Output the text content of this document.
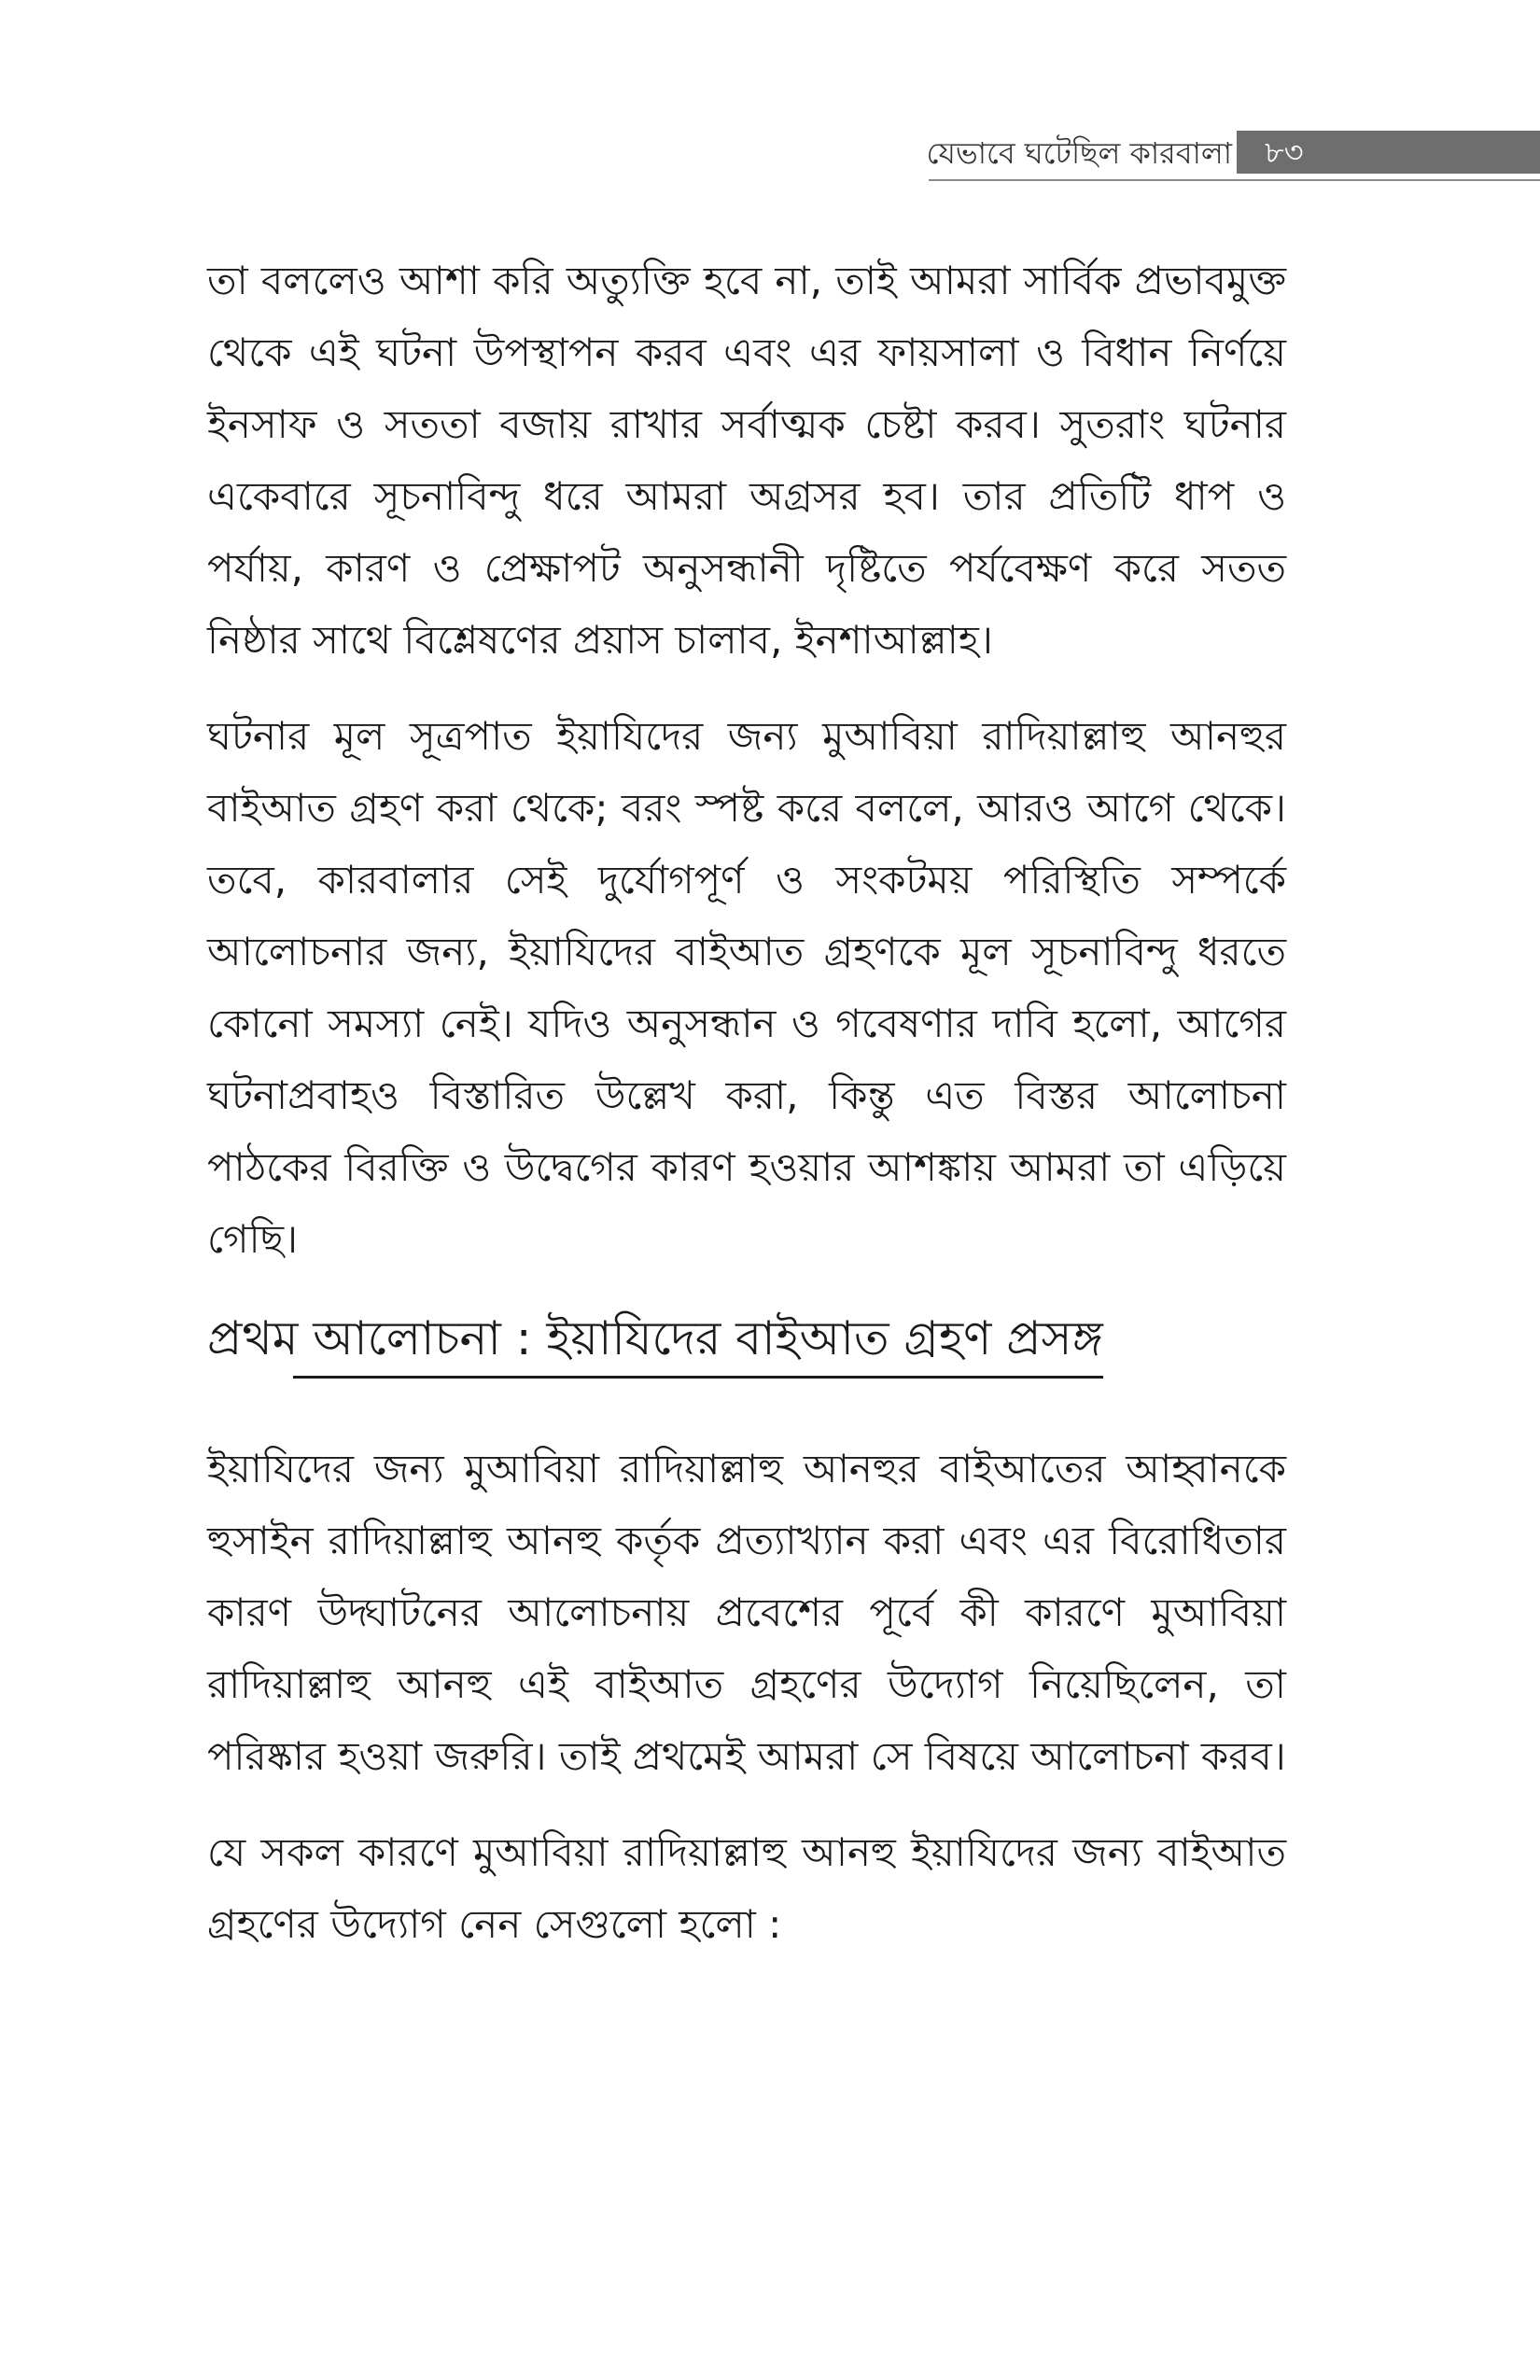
যেভাবে ঘটেছিল কারবালা ৮৩

তা বললেও আশা করি অত্যুক্তি হবে না, তাই আমরা সার্বিক প্রভাবমুক্ত থেকে এই ঘটনা উপস্থাপন করব এবং এর ফায়সালা ও বিধান নির্ণয়ে ইনসাফ ও সততা বজায় রাখার সর্বাত্মক চেষ্টা করব। সুতরাং ঘটনার একেবারে সূচনাবিন্দু ধরে আমরা অগ্রসর হব। তার প্রতিটি ধাপ ও পর্যায়, কারণ ও প্রেক্ষাপট অনুসন্ধানী দৃষ্টিতে পর্যবেক্ষণ করে সতত নিষ্ঠার সাথে বিশ্লেষণের প্রয়াস চালাব, ইনশাআল্লাহ।

ঘটনার মূল সূত্রপাত ইয়াযিদের জন্য মুআবিয়া রাদিয়াল্লাহু আনহুর বাইআত গ্রহণ করা থেকে; বরং স্পষ্ট করে বললে, আরও আগে থেকে। তবে, কারবালার সেই দুর্যোগপূর্ণ ও সংকটময় পরিস্থিতি সম্পর্কে আলোচনার জন্য, ইয়াযিদের বাইআত গ্রহণকে মূল সূচনাবিন্দু ধরতে কোনো সমস্যা নেই। যদিও অনুসন্ধান ও গবেষণার দাবি হলো, আগের ঘটনাপ্রবাহও বিস্তারিত উল্লেখ করা, কিন্তু এত বিস্তর আলোচনা পাঠকের বিরক্তি ও উদ্বেগের কারণ হওয়ার আশঙ্কায় আমরা তা এড়িয়ে গেছি।

প্রথম আলোচনা : ইয়াযিদের বাইআত গ্রহণ প্রসঙ্গ

ইয়াযিদের জন্য মুআবিয়া রাদিয়াল্লাহু আনহুর বাইআতের আহ্বানকে হুসাইন রাদিয়াল্লাহু আনহু কর্তৃক প্রত্যাখ্যান করা এবং এর বিরোধিতার কারণ উদ্ঘাটনের আলোচনায় প্রবেশের পূর্বে কী কারণে মুআবিয়া রাদিয়াল্লাহু আনহু এই বাইআত গ্রহণের উদ্যোগ নিয়েছিলেন, তা পরিষ্কার হওয়া জরুরি। তাই প্রথমেই আমরা সে বিষয়ে আলোচনা করব।

যে সকল কারণে মুআবিয়া রাদিয়াল্লাহু আনহু ইয়াযিদের জন্য বাইআত গ্রহণের উদ্যোগ নেন সেগুলো হলো :
